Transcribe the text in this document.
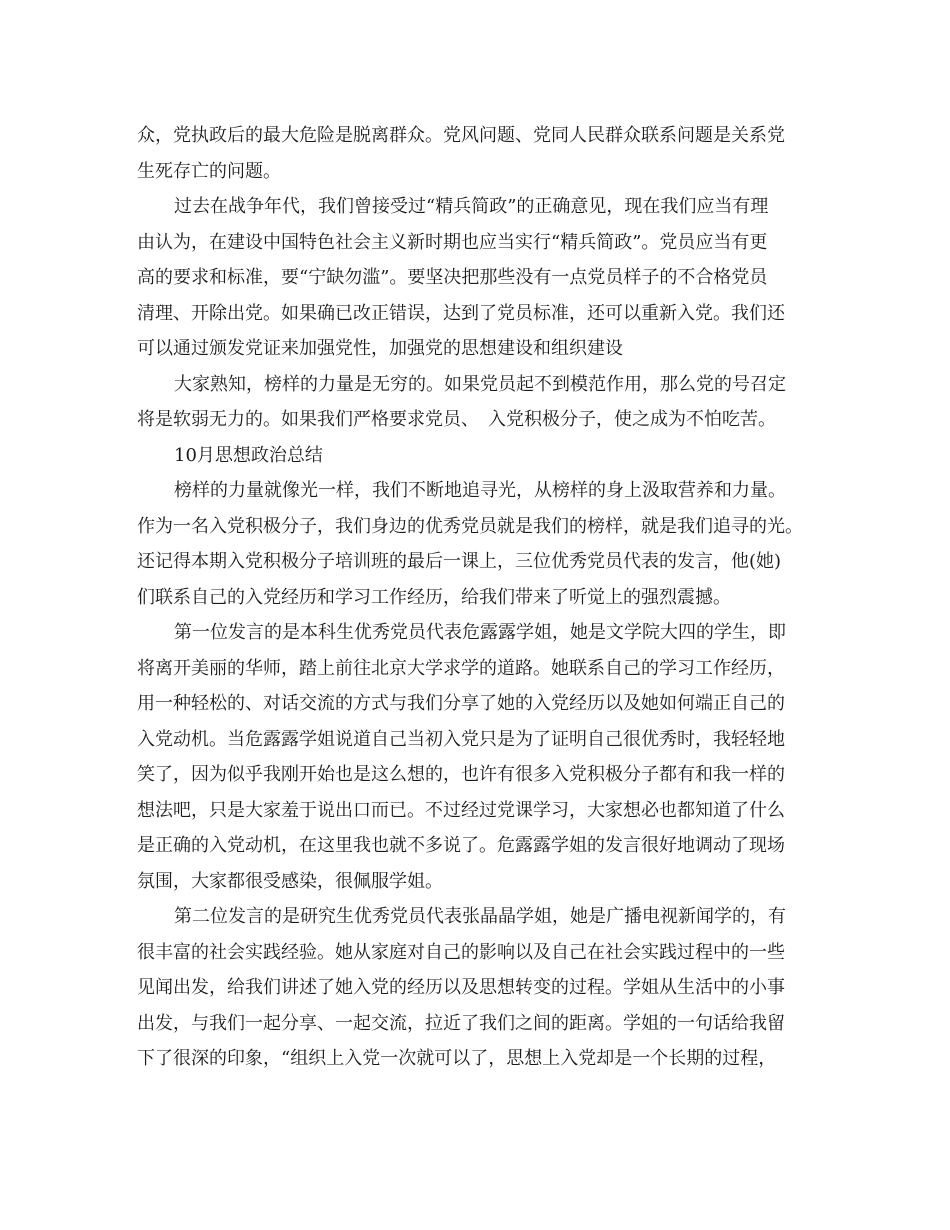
众，党执政后的最大危险是脱离群众。党风问题、党同人民群众联系问题是关系党
生死存亡的问题。
过去在战争年代，我们曾接受过“精兵简政”的正确意见，现在我们应当有理
由认为，在建设中国特色社会主义新时期也应当实行“精兵简政”。党员应当有更
高的要求和标准，要“宁缺勿滥”。要坚决把那些没有一点党员样子的不合格党员
清理、开除出党。如果确已改正错误，达到了党员标准，还可以重新入党。我们还
可以通过颁发党证来加强党性，加强党的思想建设和组织建设
大家熟知，榜样的力量是无穷的。如果党员起不到模范作用，那么党的号召定
将是软弱无力的。如果我们严格要求党员、　入党积极分子，使之成为不怕吃苦。
10月思想政治总结
榜样的力量就像光一样，我们不断地追寻光，从榜样的身上汲取营养和力量。
作为一名入党积极分子，我们身边的优秀党员就是我们的榜样，就是我们追寻的光。
还记得本期入党积极分子培训班的最后一课上，三位优秀党员代表的发言，他(她)
们联系自己的入党经历和学习工作经历，给我们带来了听觉上的强烈震撼。
第一位发言的是本科生优秀党员代表危露露学姐，她是文学院大四的学生，即
将离开美丽的华师，踏上前往北京大学求学的道路。她联系自己的学习工作经历，
用一种轻松的、对话交流的方式与我们分享了她的入党经历以及她如何端正自己的
入党动机。当危露露学姐说道自己当初入党只是为了证明自己很优秀时，我轻轻地
笑了，因为似乎我刚开始也是这么想的，也许有很多入党积极分子都有和我一样的
想法吧，只是大家羞于说出口而已。不过经过党课学习，大家想必也都知道了什么
是正确的入党动机，在这里我也就不多说了。危露露学姐的发言很好地调动了现场
氛围，大家都很受感染，很佩服学姐。
第二位发言的是研究生优秀党员代表张晶晶学姐，她是广播电视新闻学的，有
很丰富的社会实践经验。她从家庭对自己的影响以及自己在社会实践过程中的一些
见闻出发，给我们讲述了她入党的经历以及思想转变的过程。学姐从生活中的小事
出发，与我们一起分享、一起交流，拉近了我们之间的距离。学姐的一句话给我留
下了很深的印象，“组织上入党一次就可以了，思想上入党却是一个长期的过程，
